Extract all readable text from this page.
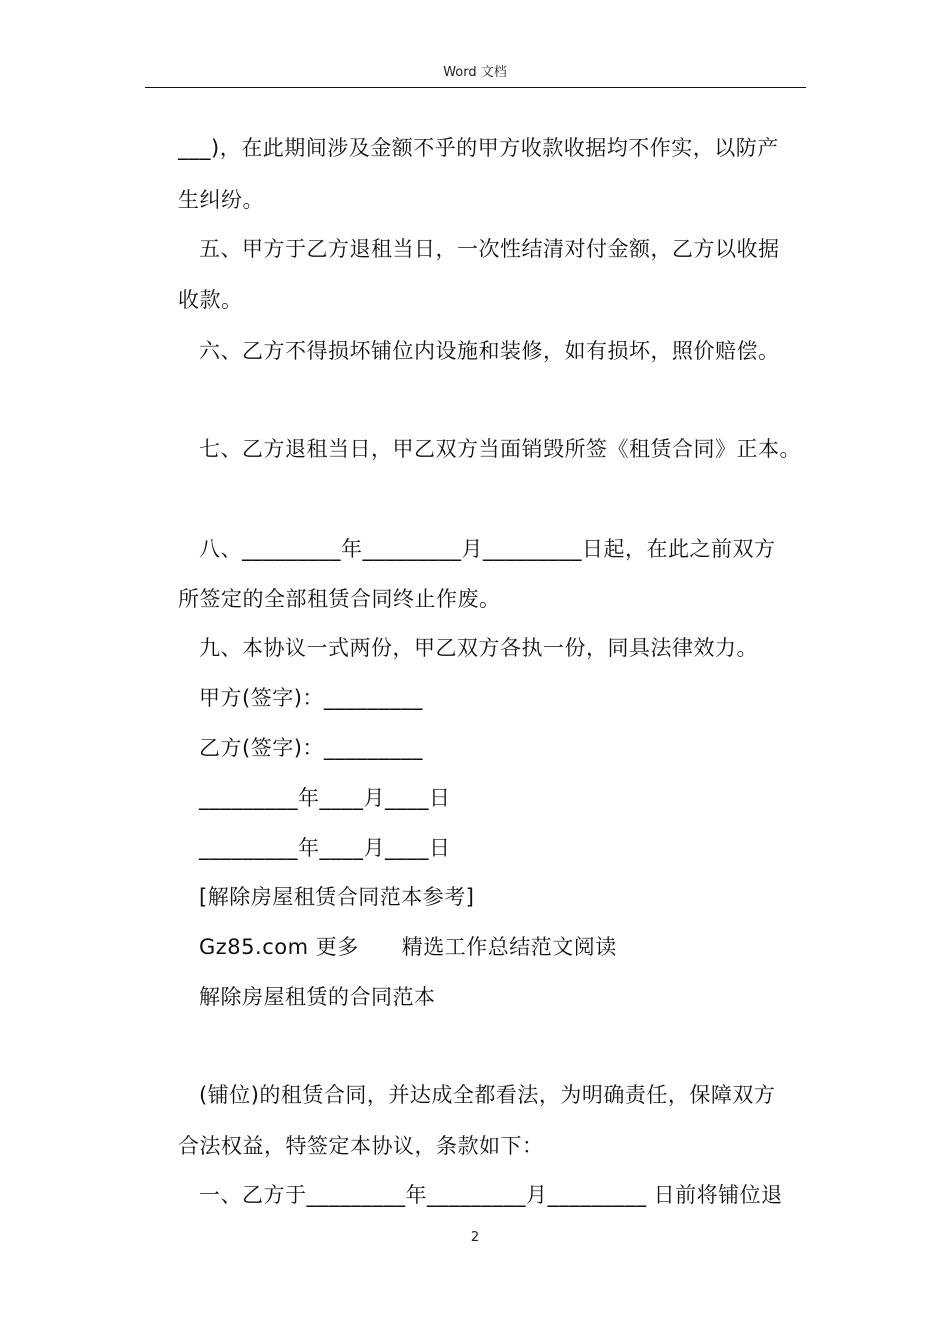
Word 文档
___)，在此期间涉及金额不乎的甲方收款收据均不作实，以防产
生纠纷。
五、甲方于乙方退租当日，一次性结清对付金额，乙方以收据
收款。
六、乙方不得损坏铺位内设施和装修，如有损坏，照价赔偿。
七、乙方退租当日，甲乙双方当面销毁所签《租赁合同》正本。
八、_________年_________月_________日起，在此之前双方
所签定的全部租赁合同终止作废。
九、本协议一式两份，甲乙双方各执一份，同具法律效力。
甲方(签字)：_________
乙方(签字)：_________
_________年____月____日
_________年____月____日
[解除房屋租赁合同范本参考]
Gz85.com 更多　　精选工作总结范文阅读
解除房屋租赁的合同范本
(铺位)的租赁合同，并达成全都看法，为明确责任，保障双方
合法权益，特签定本协议，条款如下：
一、乙方于_________年_________月_________ 日前将铺位退
2
